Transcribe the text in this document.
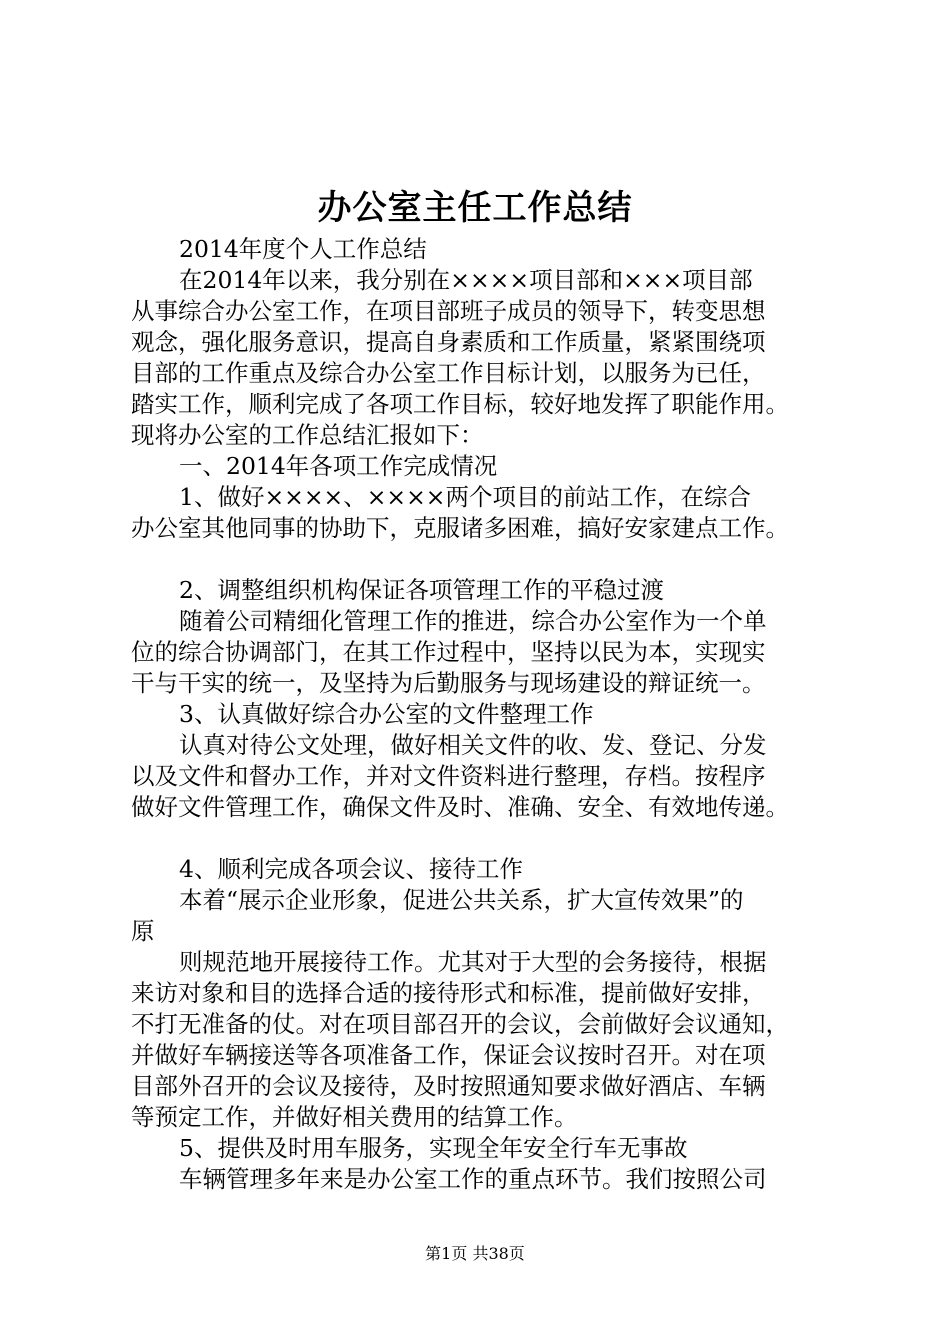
办公室主任工作总结
2014年度个人工作总结
在2014年以来，我分别在××××项目部和×××项目部
从事综合办公室工作，在项目部班子成员的领导下，转变思想
观念，强化服务意识，提高自身素质和工作质量，紧紧围绕项
目部的工作重点及综合办公室工作目标计划，以服务为已任，
踏实工作，顺利完成了各项工作目标，较好地发挥了职能作用。
现将办公室的工作总结汇报如下：
一、2014年各项工作完成情况
1、做好××××、××××两个项目的前站工作，在综合
办公室其他同事的协助下，克服诸多困难，搞好安家建点工作。
2、调整组织机构保证各项管理工作的平稳过渡
随着公司精细化管理工作的推进，综合办公室作为一个单
位的综合协调部门，在其工作过程中，坚持以民为本，实现实
干与干实的统一，及坚持为后勤服务与现场建设的辩证统一。
3、认真做好综合办公室的文件整理工作
认真对待公文处理，做好相关文件的收、发、登记、分发
以及文件和督办工作，并对文件资料进行整理，存档。按程序
做好文件管理工作，确保文件及时、准确、安全、有效地传递。
4、顺利完成各项会议、接待工作
本着“展示企业形象，促进公共关系，扩大宣传效果”的
原
则规范地开展接待工作。尤其对于大型的会务接待，根据
来访对象和目的选择合适的接待形式和标准，提前做好安排，
不打无准备的仗。对在项目部召开的会议，会前做好会议通知，
并做好车辆接送等各项准备工作，保证会议按时召开。对在项
目部外召开的会议及接待，及时按照通知要求做好酒店、车辆
等预定工作，并做好相关费用的结算工作。
5、提供及时用车服务，实现全年安全行车无事故
车辆管理多年来是办公室工作的重点环节。我们按照公司
第1页 共38页
